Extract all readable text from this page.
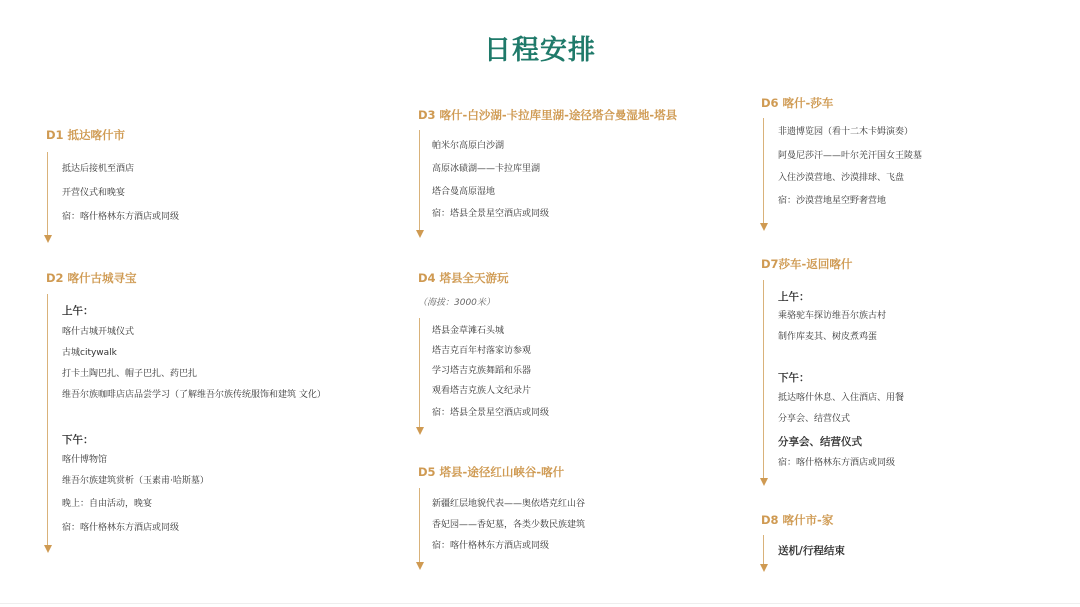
日程安排
D1 抵达喀什市
抵达后接机至酒店
开营仪式和晚宴
宿：喀什格林东方酒店或同级
D2 喀什古城寻宝
上午：
喀什古城开城仪式
古城citywalk
打卡土陶巴扎、帽子巴扎、药巴扎
维吾尔族咖啡店店品尝学习（了解维吾尔族传统服饰和建筑 文化）
下午：
喀什博物馆
维吾尔族建筑赏析（玉素甫·哈斯墓）
晚上：自由活动，晚宴
宿：喀什格林东方酒店或同级
D3 喀什-白沙湖-卡拉库里湖-途径塔合曼湿地-塔县
帕米尔高原白沙湖
高原冰碛湖——卡拉库里湖
塔合曼高原湿地
宿：塔县全景星空酒店或同级
D4 塔县全天游玩
（海拔：3000米）
塔县金草滩石头城
塔吉克百年村落家访参观
学习塔吉克族舞蹈和乐器
观看塔吉克族人文纪录片
宿：塔县全景星空酒店或同级
D5 塔县-途径红山峡谷-喀什
新疆红层地貌代表——奥依塔克红山谷
香妃园——香妃墓，各类少数民族建筑
宿：喀什格林东方酒店或同级
D6 喀什-莎车
非遗博览园（看十二木卡姆演奏）
阿曼尼莎汗——叶尔羌汗国女王陵墓
入住沙漠营地、沙漠排球、飞盘
宿：沙漠营地星空野奢营地
D7莎车-返回喀什
上午：
乘骆驼车探访维吾尔族古村
制作库麦其、树皮煮鸡蛋
下午：
抵达喀什休息、入住酒店、用餐
分享会、结营仪式
分享会、结营仪式
宿：喀什格林东方酒店或同级
D8 喀什市-家
送机/行程结束
